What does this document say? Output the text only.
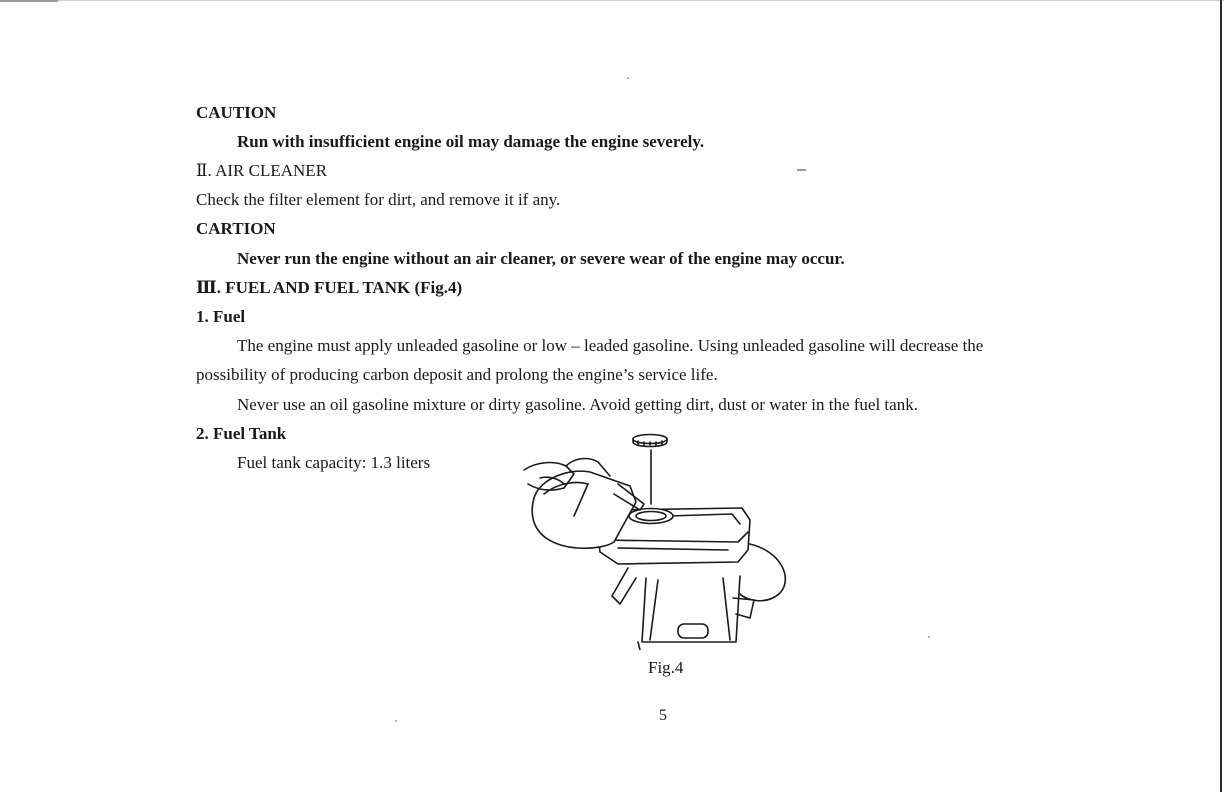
CAUTION
Run with insufficient engine oil may damage the engine severely.
Ⅱ. AIR CLEANER
Check the filter element for dirt, and remove it if any.
CARTION
Never run the engine without an air cleaner, or severe wear of the engine may occur.
Ⅲ. FUEL AND FUEL TANK (Fig.4)
1. Fuel
The engine must apply unleaded gasoline or low – leaded gasoline. Using unleaded gasoline will decrease the
possibility of producing carbon deposit and prolong the engine’s service life.
Never use an oil gasoline mixture or dirty gasoline. Avoid getting dirt, dust or water in the fuel tank.
2. Fuel Tank
Fuel tank capacity: 1.3 liters
Fig.4
5
